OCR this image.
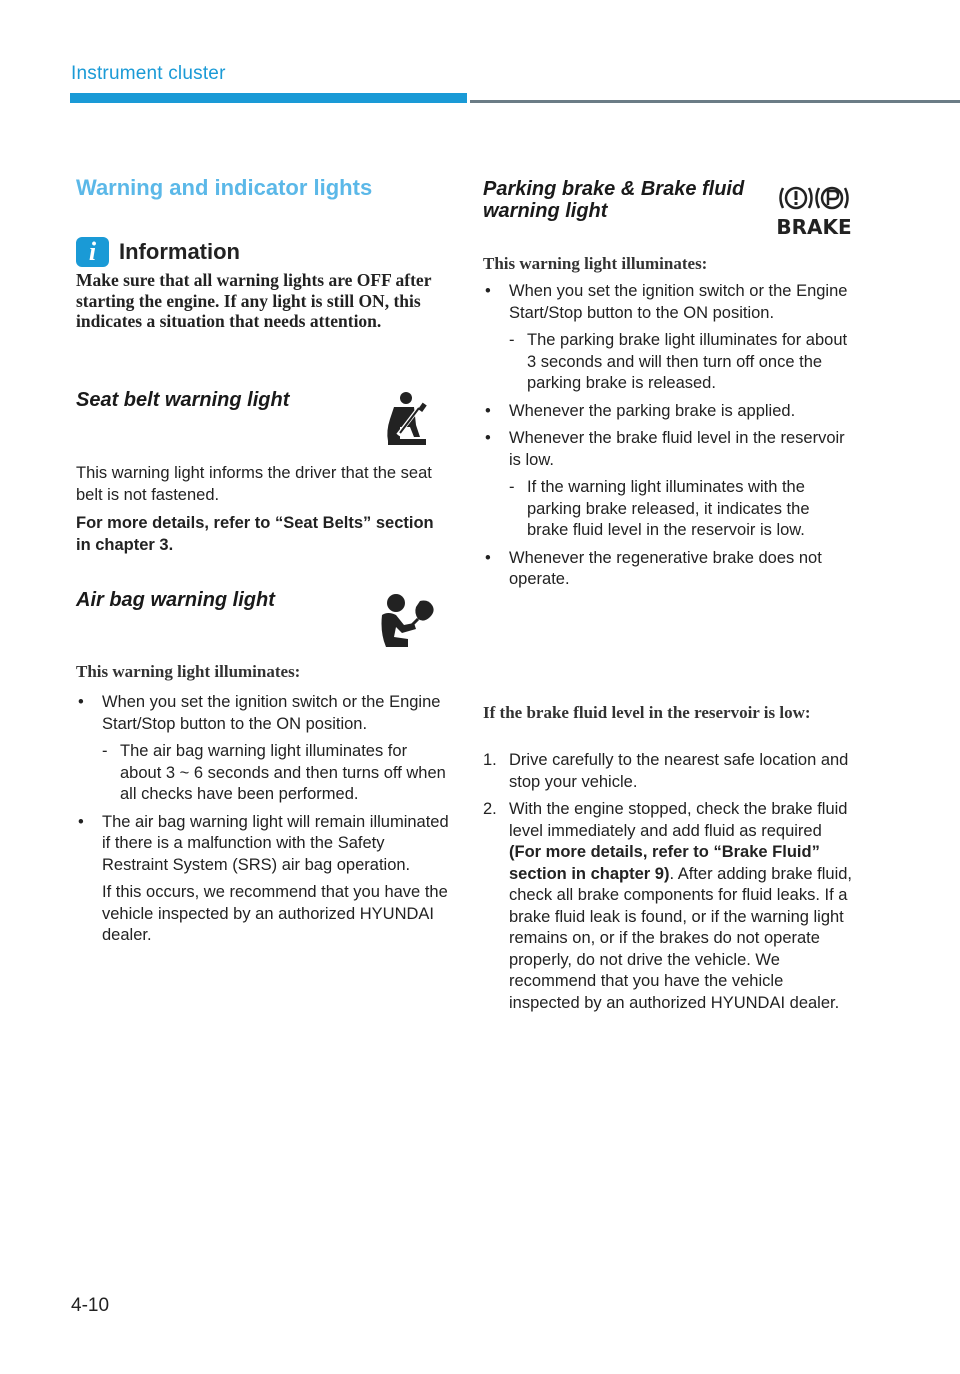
Instrument cluster
Warning and indicator lights
i	Information
Make sure that all warning lights are OFF after starting the engine. If any light is still ON, this indicates a situation that needs attention.
Seat belt warning light
This warning light informs the driver that the seat belt is not fastened.
For more details, refer to “Seat Belts” section in chapter 3.
Air bag warning light
This warning light illuminates:
• When you set the ignition switch or the Engine Start/Stop button to the ON position.
- The air bag warning light illuminates for about 3 ~ 6 seconds and then turns off when all checks have been performed.
• The air bag warning light will remain illuminated if there is a malfunction with the Safety Restraint System (SRS) air bag operation.
If this occurs, we recommend that you have the vehicle inspected by an authorized HYUNDAI dealer.
Parking brake & Brake fluid warning light
BRAKE
This warning light illuminates:
• When you set the ignition switch or the Engine Start/Stop button to the ON position.
- The parking brake light illuminates for about 3 seconds and will then turn off once the parking brake is released.
• Whenever the parking brake is applied.
• Whenever the brake fluid level in the reservoir is low.
- If the warning light illuminates with the parking brake released, it indicates the brake fluid level in the reservoir is low.
• Whenever the regenerative brake does not operate.
If the brake fluid level in the reservoir is low:
1. Drive carefully to the nearest safe location and stop your vehicle.
2. With the engine stopped, check the brake fluid level immediately and add fluid as required (For more details, refer to “Brake Fluid” section in chapter 9). After adding brake fluid, check all brake components for fluid leaks. If a brake fluid leak is found, or if the warning light remains on, or if the brakes do not operate properly, do not drive the vehicle. We recommend that you have the vehicle inspected by an authorized HYUNDAI dealer.
4-10
